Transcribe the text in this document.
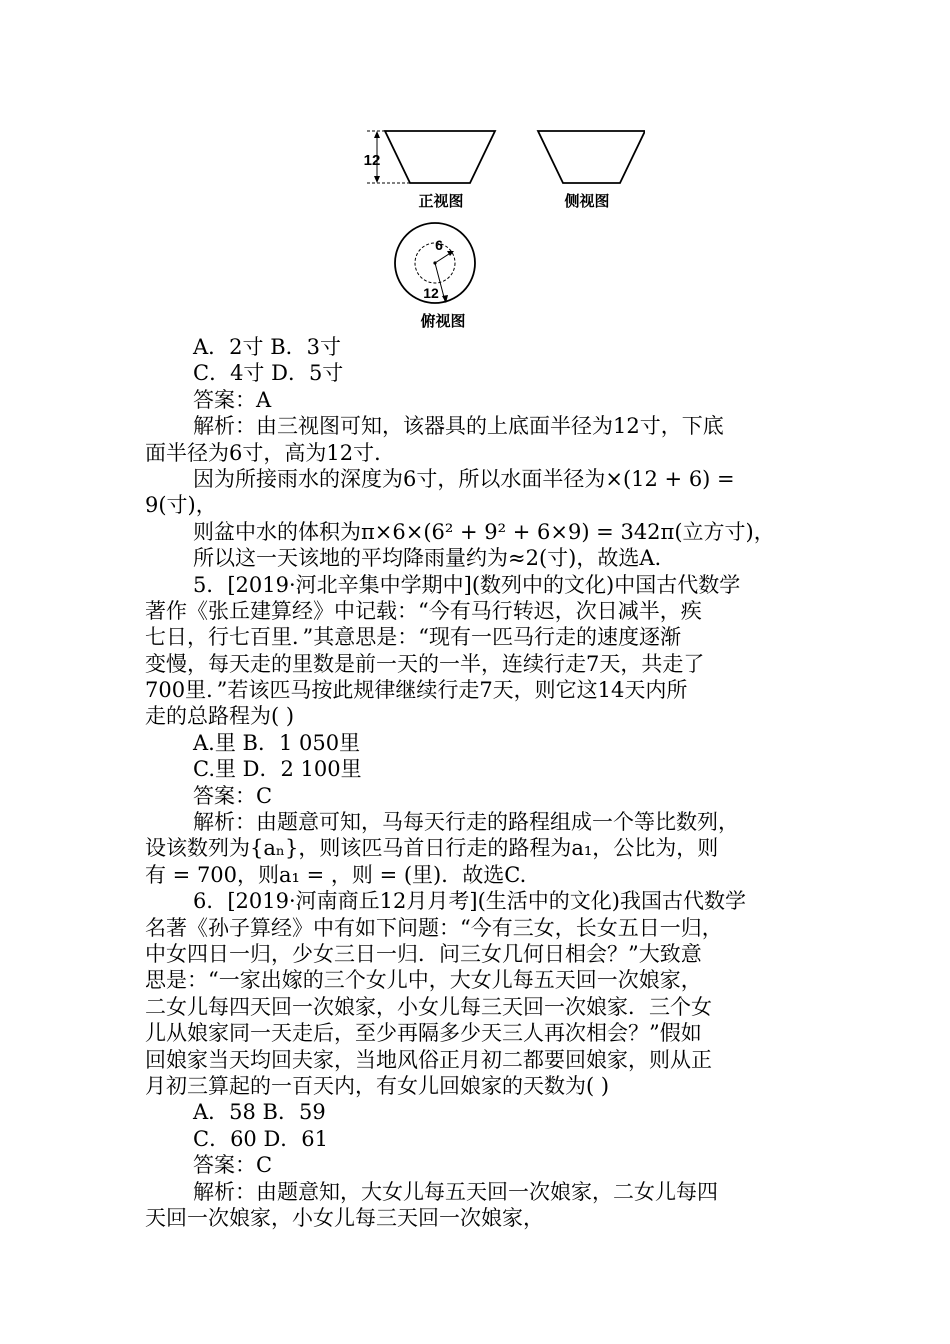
12
正视图	侧视图
6
12
俯视图
A．2寸 B．3寸
C．4寸 D．5寸
答案：A
解析：由三视图可知，该器具的上底面半径为12寸，下底
面半径为6寸，高为12寸．
因为所接雨水的深度为6寸，所以水面半径为×(12 + 6) =
9(寸)，
则盆中水的体积为π×6×(6² + 9² + 6×9) = 342π(立方寸)，
所以这一天该地的平均降雨量约为≈2(寸)，故选A.
5．[2019·河北辛集中学期中](数列中的文化)中国古代数学
著作《张丘建算经》中记载：“今有马行转迟，次日减半，疾
七日，行七百里．”其意思是：“现有一匹马行走的速度逐渐
变慢，每天走的里数是前一天的一半，连续行走7天，共走了
700里．”若该匹马按此规律继续行走7天，则它这14天内所
走的总路程为( )
A.里 B．1 050里
C.里 D．2 100里
答案：C
解析：由题意可知，马每天行走的路程组成一个等比数列，
设该数列为{aₙ}，则该匹马首日行走的路程为a₁，公比为，则
有 = 700，则a₁ = ，则 = (里)．故选C.
6．[2019·河南商丘12月月考](生活中的文化)我国古代数学
名著《孙子算经》中有如下问题：“今有三女，长女五日一归，
中女四日一归，少女三日一归．问三女几何日相会？”大致意
思是：“一家出嫁的三个女儿中，大女儿每五天回一次娘家，
二女儿每四天回一次娘家，小女儿每三天回一次娘家．三个女
儿从娘家同一天走后，至少再隔多少天三人再次相会？”假如
回娘家当天均回夫家，当地风俗正月初二都要回娘家，则从正
月初三算起的一百天内，有女儿回娘家的天数为( )
A．58 B．59
C．60 D．61
答案：C
解析：由题意知，大女儿每五天回一次娘家，二女儿每四
天回一次娘家，小女儿每三天回一次娘家，
